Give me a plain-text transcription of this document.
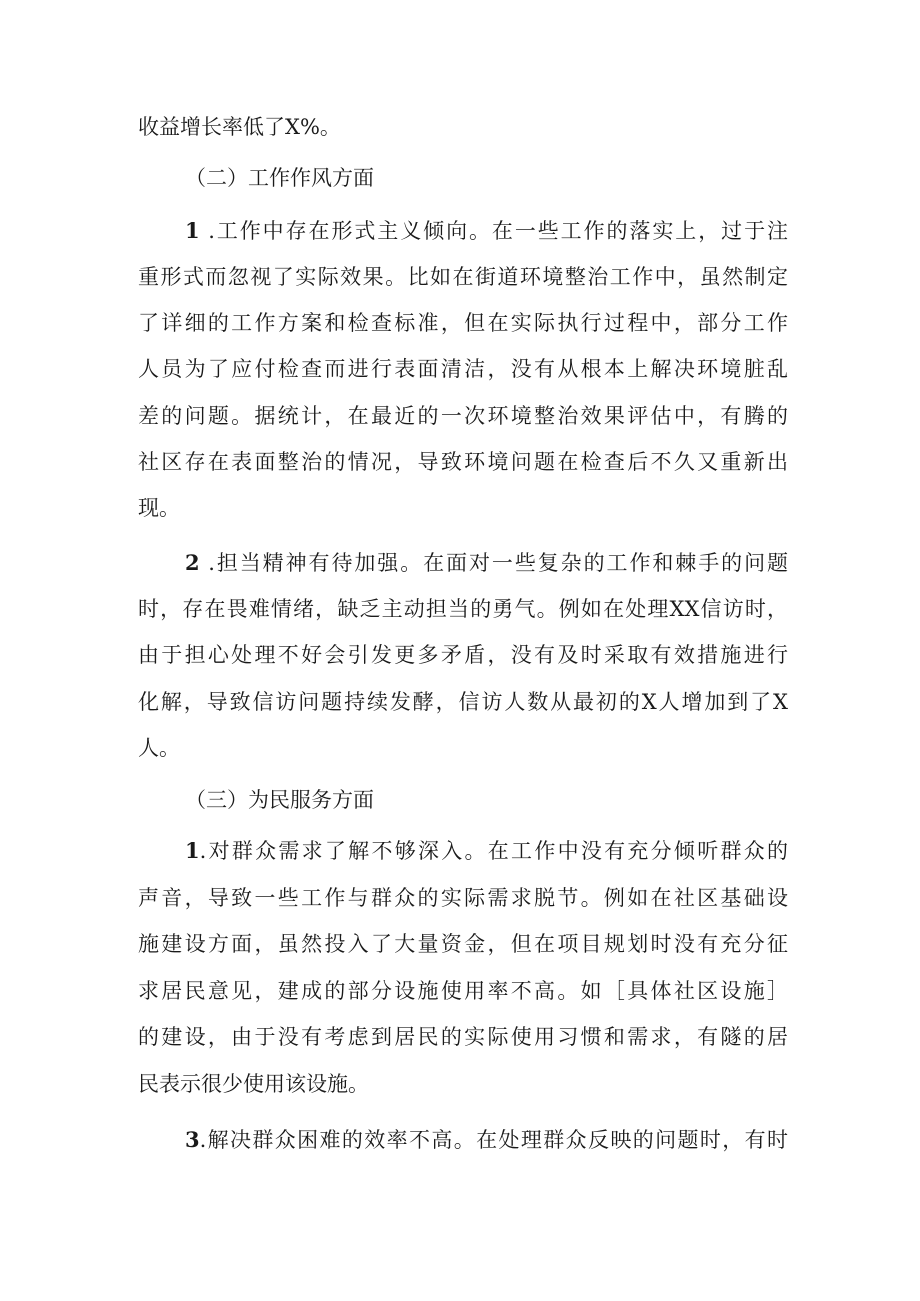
收益增长率低了X%。
（二）工作作风方面
1 .工作中存在形式主义倾向。在一些工作的落实上，过于注
重形式而忽视了实际效果。比如在街道环境整治工作中，虽然制定
了详细的工作方案和检查标准，但在实际执行过程中，部分工作
人员为了应付检查而进行表面清洁，没有从根本上解决环境脏乱
差的问题。据统计，在最近的一次环境整治效果评估中，有腾的
社区存在表面整治的情况，导致环境问题在检查后不久又重新出
现。
2 .担当精神有待加强。在面对一些复杂的工作和棘手的问题
时，存在畏难情绪，缺乏主动担当的勇气。例如在处理XX信访时，
由于担心处理不好会引发更多矛盾，没有及时采取有效措施进行
化解，导致信访问题持续发酵，信访人数从最初的X人增加到了X
人。
（三）为民服务方面
1.对群众需求了解不够深入。在工作中没有充分倾听群众的
声音，导致一些工作与群众的实际需求脱节。例如在社区基础设
施建设方面，虽然投入了大量资金，但在项目规划时没有充分征
求居民意见，建成的部分设施使用率不高。如［具体社区设施］
的建设，由于没有考虑到居民的实际使用习惯和需求，有隧的居
民表示很少使用该设施。
3.解决群众困难的效率不高。在处理群众反映的问题时，有时
